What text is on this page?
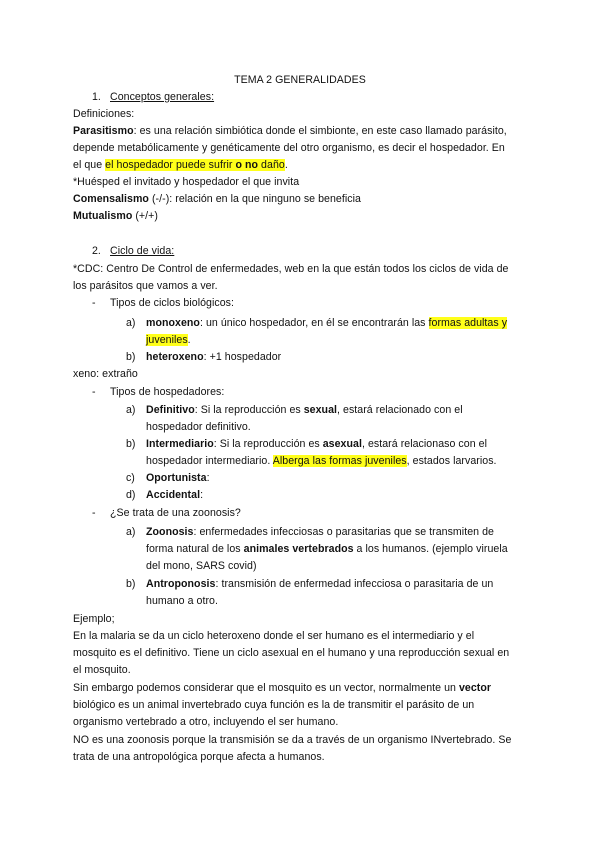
TEMA 2 GENERALIDADES
1. Conceptos generales:
Definiciones:
Parasitismo: es una relación simbiótica donde el simbionte, en este caso llamado parásito,
depende metabólicamente y genéticamente del otro organismo, es decir el hospedador. En
el que el hospedador puede sufrir o no daño.
*Huésped el invitado y hospedador el que invita
Comensalismo (-/-): relación en la que ninguno se beneficia
Mutualismo (+/+)
2. Ciclo de vida:
*CDC: Centro De Control de enfermedades, web en la que están todos los ciclos de vida de
los parásitos que vamos a ver.
- Tipos de ciclos biológicos:
a) monoxeno: un único hospedador, en él se encontrarán las formas adultas y
juveniles.
b) heteroxeno: +1 hospedador
xeno: extraño
- Tipos de hospedadores:
a) Definitivo: Si la reproducción es sexual, estará relacionado con el
hospedador definitivo.
b) Intermediario: Si la reproducción es asexual, estará relacionaso con el
hospedador intermediario. Alberga las formas juveniles, estados larvarios.
c) Oportunista:
d) Accidental:
- ¿Se trata de una zoonosis?
a) Zoonosis: enfermedades infecciosas o parasitarias que se transmiten de
forma natural de los animales vertebrados a los humanos. (ejemplo viruela
del mono, SARS covid)
b) Antroponosis: transmisión de enfermedad infecciosa o parasitaria de un
humano a otro.
Ejemplo;
En la malaria se da un ciclo heteroxeno donde el ser humano es el intermediario y el
mosquito es el definitivo. Tiene un ciclo asexual en el humano y una reproducción sexual en
el mosquito.
Sin embargo podemos considerar que el mosquito es un vector, normalmente un vector
biológico es un animal invertebrado cuya función es la de transmitir el parásito de un
organismo vertebrado a otro, incluyendo el ser humano.
NO es una zoonosis porque la transmisión se da a través de un organismo INvertebrado. Se
trata de una antropológica porque afecta a humanos.
